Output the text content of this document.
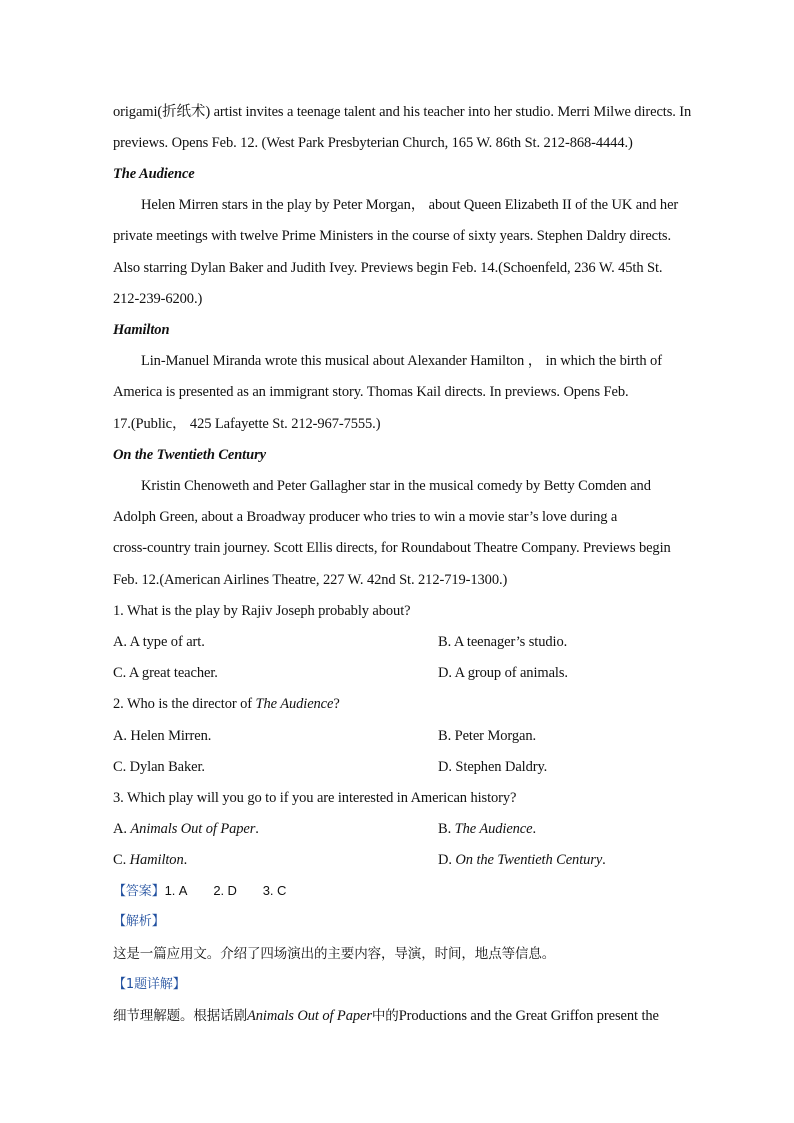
origami(折纸术) artist invites a teenage talent and his teacher into her studio. Merri Milwe directs. In
previews. Opens Feb. 12. (West Park Presbyterian Church, 165 W. 86th St. 212-868-4444.)
The Audience
Helen Mirren stars in the play by Peter Morgan， about Queen Elizabeth II of the UK and her
private meetings with twelve Prime Ministers in the course of sixty years. Stephen Daldry directs.
Also starring Dylan Baker and Judith Ivey. Previews begin Feb. 14.(Schoenfeld, 236 W. 45th St.
212-239-6200.)
Hamilton
Lin-Manuel Miranda wrote this musical about Alexander Hamilton ， in which the birth of
America is presented as an immigrant story. Thomas Kail directs. In previews. Opens Feb.
17.(Public， 425 Lafayette St. 212-967-7555.)
On the Twentieth Century
Kristin Chenoweth and Peter Gallagher star in the musical comedy by Betty Comden and
Adolph Green, about a Broadway producer who tries to win a movie star’s love during a
cross-country train journey. Scott Ellis directs, for Roundabout Theatre Company. Previews begin
Feb. 12.(American Airlines Theatre, 227 W. 42nd St. 212-719-1300.)
1. What is the play by Rajiv Joseph probably about?
A. A type of art.	B. A teenager’s studio.
C. A great teacher.	D. A group of animals.
2. Who is the director of The Audience?
A. Helen Mirren.	B. Peter Morgan.
C. Dylan Baker.	D. Stephen Daldry.
3. Which play will you go to if you are interested in American history?
A. Animals Out of Paper.	B. The Audience.
C. Hamilton.	D. On the Twentieth Century.
【答案】1. A 2. D 3. C
【解析】
这是一篇应用文。介绍了四场演出的主要内容，导演，时间，地点等信息。
【1题详解】
细节理解题。根据话剧Animals Out of Paper中的Productions and the Great Griffon present the
